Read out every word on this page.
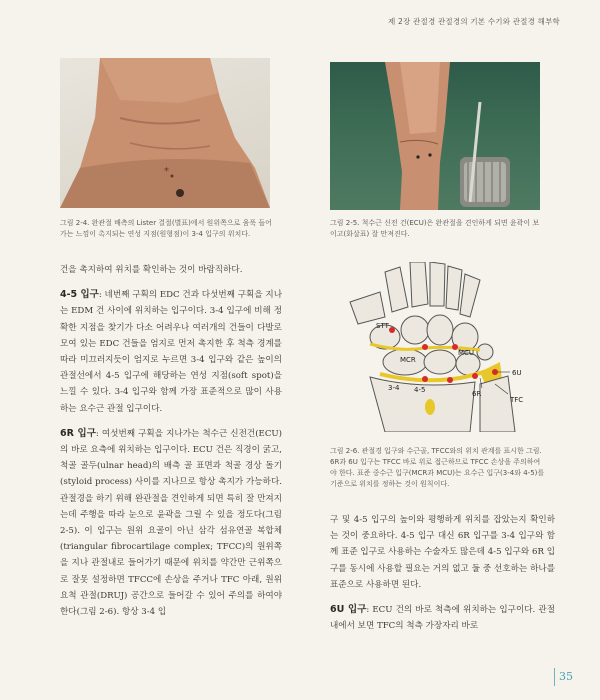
제 2장 관절경 관절경의 기본 수기와 관절경 해부학
*
그림 2-4. 완관절 배측의 Lister 결절(별표)에서 원위쪽으로 움푹 들어가는 느낌이 촉지되는 연성 지점(원형점)이 3-4 입구의 위치다.
그림 2-5. 척수근 신전 건(ECU)은 완관절을 견인하게 되면 윤곽이 보이고(화살표) 잘 만져진다.
STT
MCR
MCU
3-4 4-5	6R
6U
TFC
그림 2-6. 관절경 입구와 수근골, TFCC와의 위치 관계를 표시한 그림. 6R과 6U 입구는 TFCC 바로 위로 접근하므로 TFCC 손상을 주의하여야 한다. 표준 중수근 입구(MCR과 MCU)는 요수근 입구(3-4와 4-5)를 기준으로 위치를 정하는 것이 원칙이다.

건을 촉지하여 위치를 확인하는 것이 바람직하다.

4-5 입구: 네번째 구획의 EDC 건과 다섯번째 구획을 지나는 EDM 건 사이에 위치하는 입구이다. 3-4 입구에 비해 정확한 지점을 찾기가 다소 어려우나 여러개의 건들이 다발로 모여 있는 EDC 건들을 엄지로 먼저 촉지한 후 척측 경계를 따라 미끄러지듯이 엄지로 누르면 3-4 입구와 같은 높이의 관절선에서 4-5 입구에 해당하는 연성 지점(soft spot)을 느낄 수 있다. 3-4 입구와 함께 가장 표준적으로 많이 사용하는 요수근 관절 입구이다.

6R 입구: 여섯번째 구획을 지나가는 척수근 신전건(ECU)의 바로 요측에 위치하는 입구이다. ECU 건은 직경이 굵고, 척골 골두(ulnar head)의 배측 골 표면과 척골 경상 돌기(styloid process) 사이를 지나므로 항상 촉지가 가능하다. 관절경을 하기 위해 완관절을 견인하게 되면 특히 잘 만져지는데 주행을 따라 눈으로 윤곽을 그릴 수 있을 정도다(그림 2-5). 이 입구는 원위 요골이 아닌 삼각 섬유연골 복합체(triangular fibrocartilage complex; TFCC)의 원위쪽을 지나 관절내로 들어가기 때문에 위치를 약간만 근위쪽으로 잘못 설정하면 TFCC에 손상을 주거나 TFC 아래, 원위 요척 관절(DRUJ) 공간으로 들어갈 수 있어 주의를 하여야 한다(그림 2-6). 항상 3-4 입

구 및 4-5 입구의 높이와 평행하게 위치를 잡았는지 확인하는 것이 중요하다. 4-5 입구 대신 6R 입구를 3-4 입구와 함께 표준 입구로 사용하는 수술자도 많은데 4-5 입구와 6R 입구를 동시에 사용할 필요는 거의 없고 둘 중 선호하는 하나를 표준으로 사용하면 된다.

6U 입구: ECU 건의 바로 척측에 위치하는 입구이다. 관절내에서 보면 TFC의 척측 가장자리 바로

35
